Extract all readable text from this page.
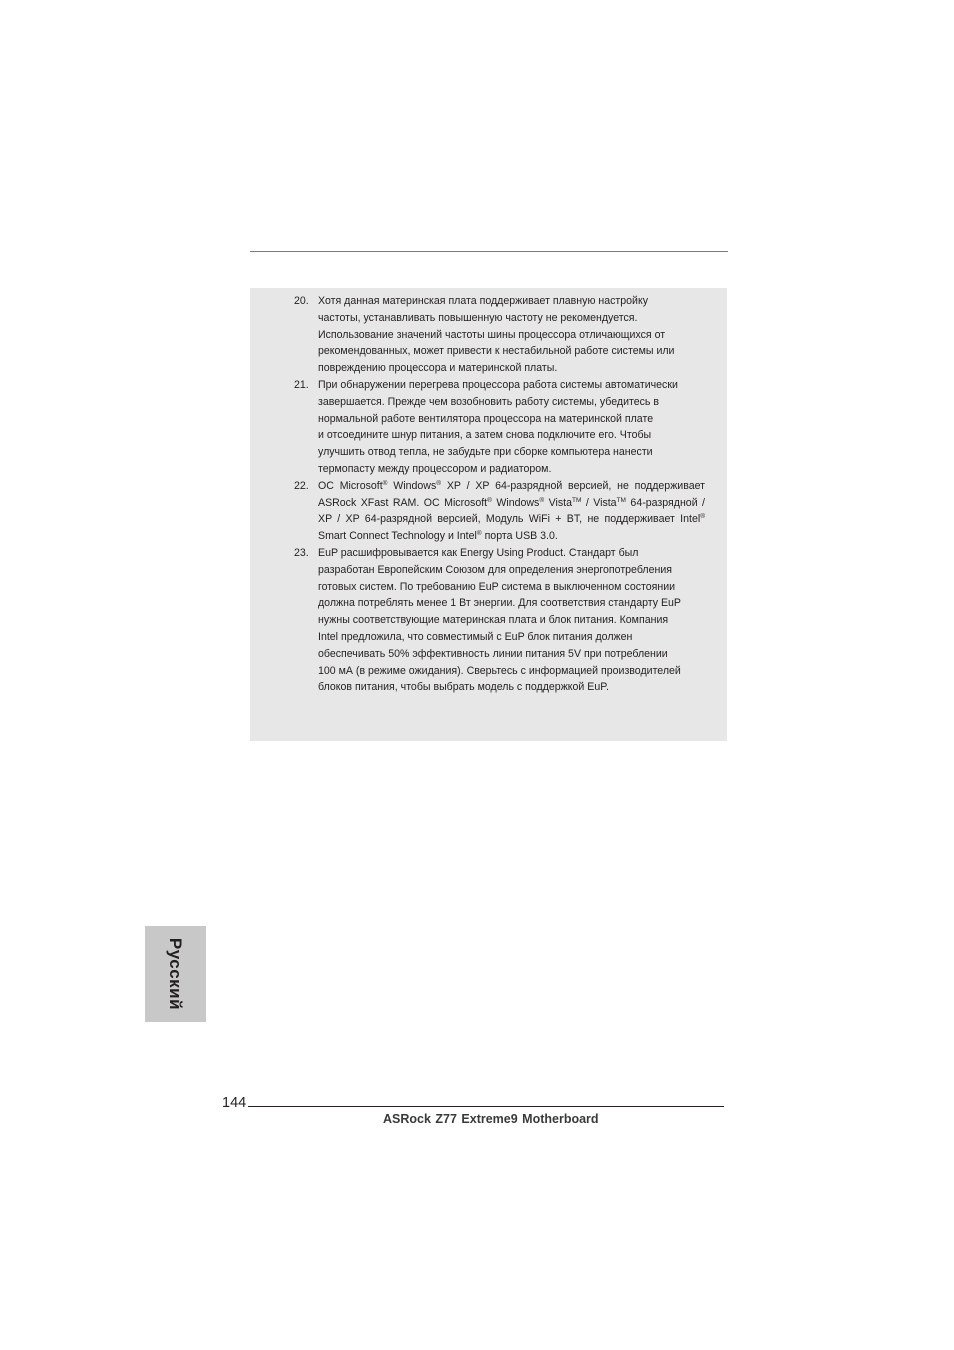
20. Хотя данная материнская плата поддерживает плавную настройку
частоты, устанавливать повышенную частоту не рекомендуется.
Использование значений частоты шины процессора отличающихся от
рекомендованных, может привести к нестабильной работе системы или
повреждению процессора и материнской платы.
21. При обнаружении перегрева процессора работа системы автоматически
завершается. Прежде чем возобновить работу системы, убедитесь в
нормальной работе вентилятора процессора на материнской плате
и отсоедините шнур питания, а затем снова подключите его. Чтобы
улучшить отвод тепла, не забудьте при сборке компьютера нанести
термопасту между процессором и радиатором.
22. ОС Microsoft® Windows® XP / XP 64-разрядной версией, не поддерживает ASRock XFast RAM. ОС Microsoft® Windows® Vista™ / Vista™ 64-разрядной / XP / XP 64-разрядной версией, Модуль WiFi + BT, не поддерживает Intel® Smart Connect Technology и Intel® порта USB 3.0.
23. EuP расшифровывается как Energy Using Product. Стандарт был
разработан Европейским Союзом для определения энергопотребления
готовых систем. По требованию EuP система в выключенном состоянии
должна потреблять менее 1 Вт энергии. Для соответствия стандарту EuP
нужны соответствующие материнская плата и блок питания. Компания
Intel предложила, что совместимый с EuP блок питания должен
обеспечивать 50% эффективность линии питания 5V при потреблении
100 мА (в режиме ожидания). Сверьтесь с информацией производителей
блоков питания, чтобы выбрать модель с поддержкой EuP.
Русский
144
ASRock Z77 Extreme9 Motherboard
